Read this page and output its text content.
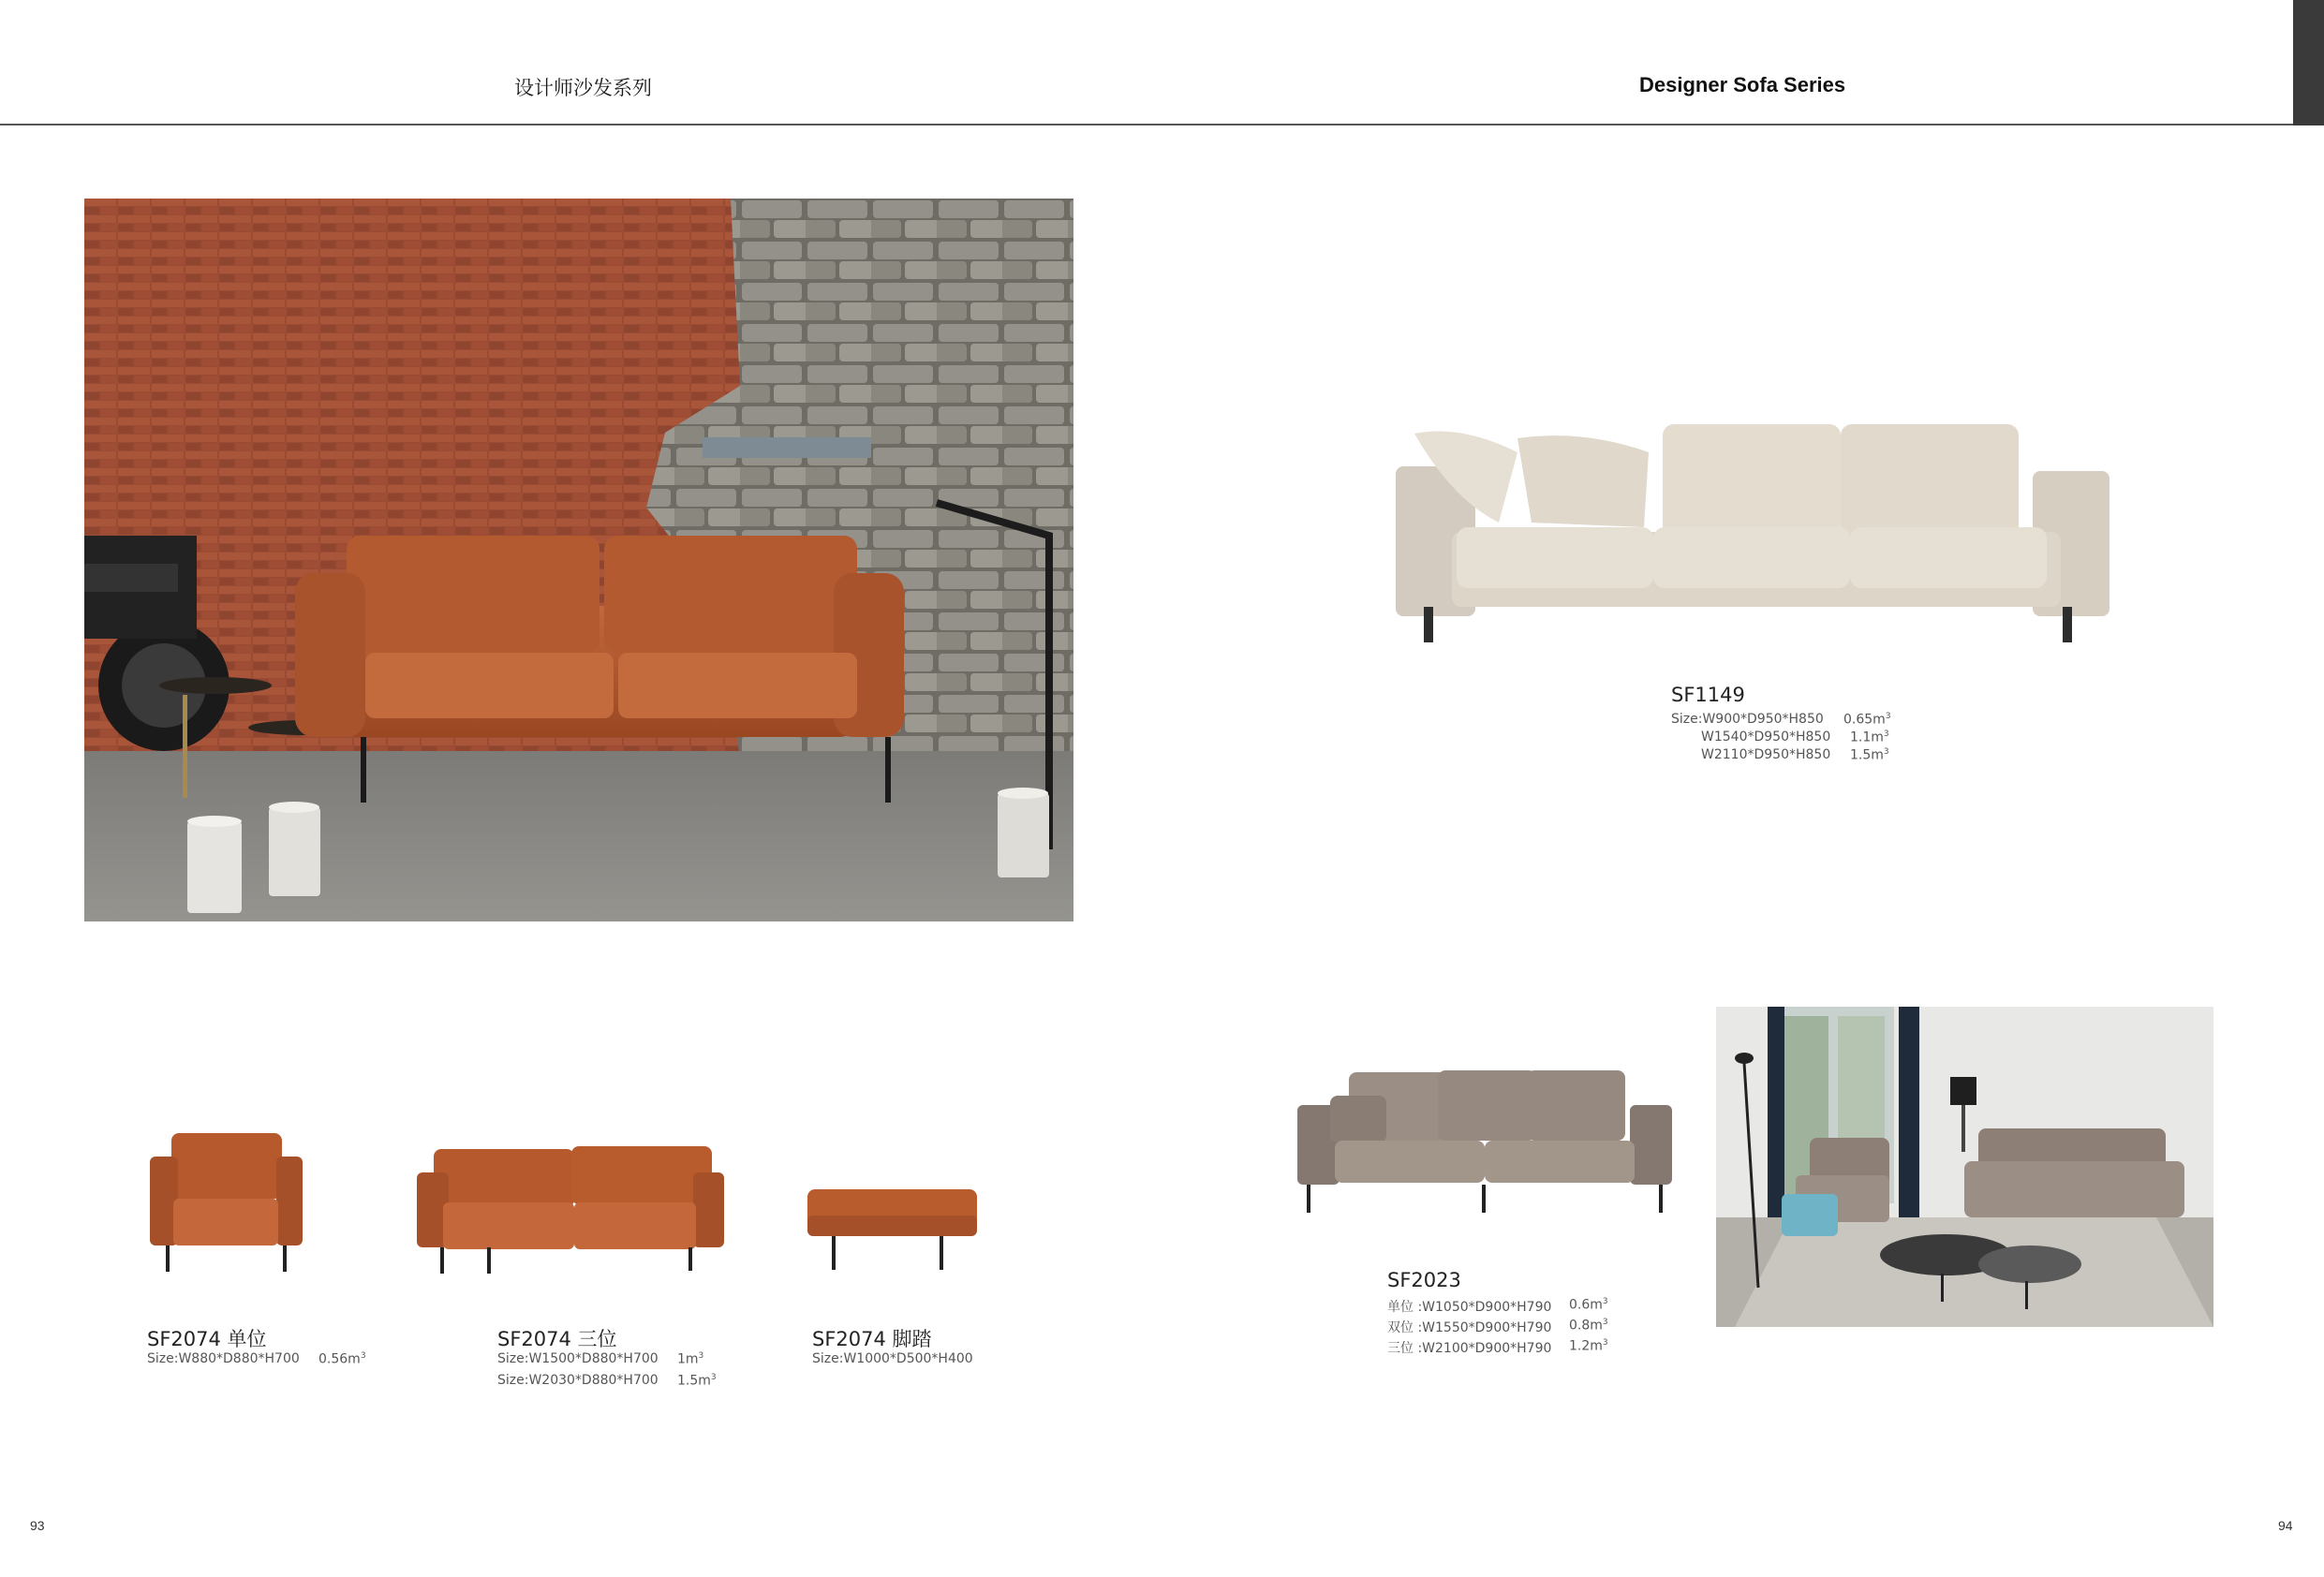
设计师沙发系列	Designer Sofa Series
SF1149
Size:W900*D950*H850 $0.65m^3$
W1540*D950*H850 $1.1m^3$
W2110*D950*H850 $1.5m^3$
SF2074 单位
Size:W880*D880*H700 $0.56m^3$
SF2074 三位
Size:W1500*D880*H700 $1m^3$
Size:W2030*D880*H700 $1.5m^3$
SF2074 脚踏
Size:W1000*D500*H400
SF2023
单位 :W1050*D900*H790 $0.6m^3$
双位 :W1550*D900*H790 $0.8m^3$
三位 :W2100*D900*H790 $1.2m^3$
93	94
